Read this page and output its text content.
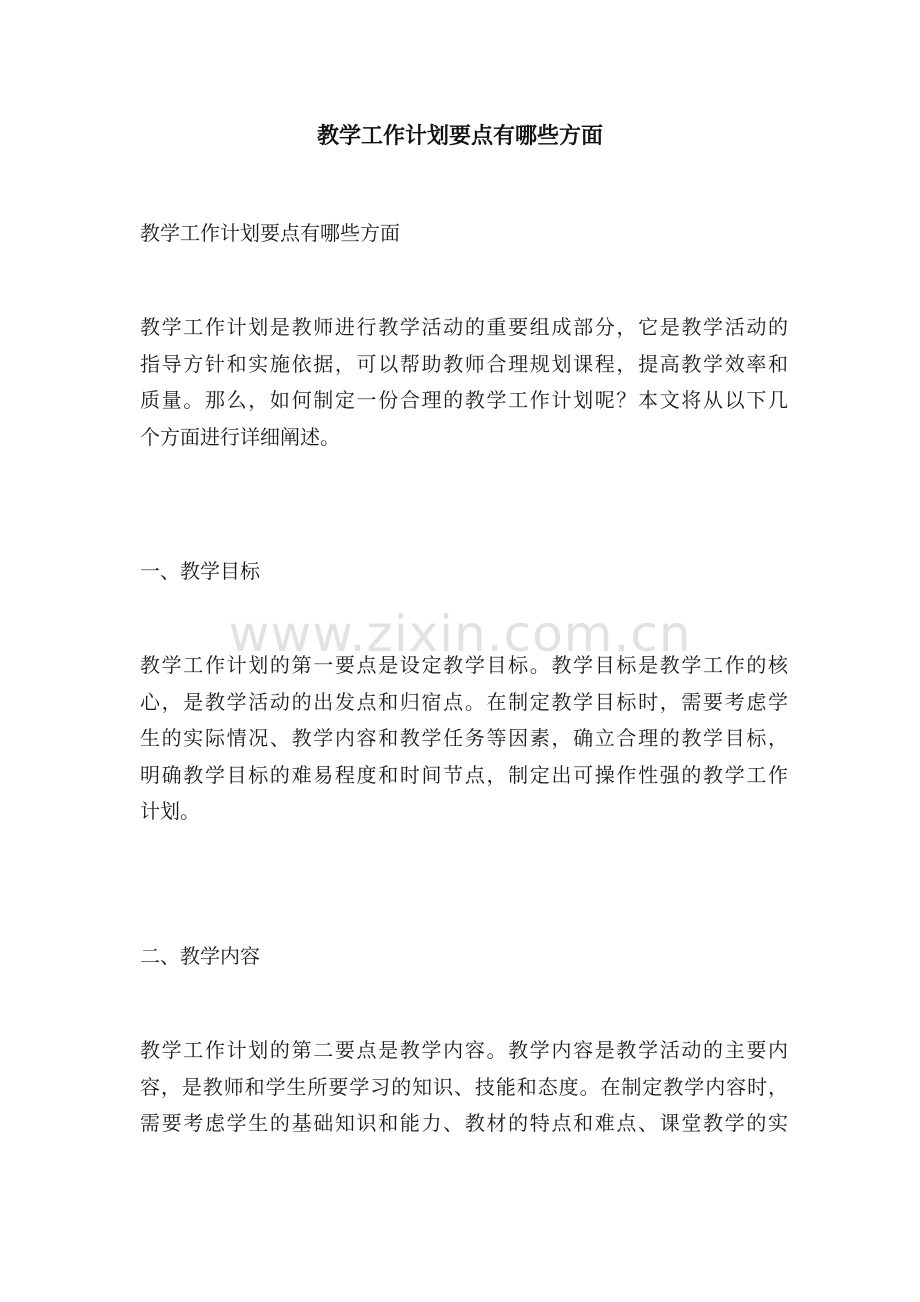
教学工作计划要点有哪些方面
教学工作计划要点有哪些方面
教学工作计划是教师进行教学活动的重要组成部分，它是教学活动的
指导方针和实施依据，可以帮助教师合理规划课程，提高教学效率和
质量。那么，如何制定一份合理的教学工作计划呢？本文将从以下几
个方面进行详细阐述。
一、教学目标
教学工作计划的第一要点是设定教学目标。教学目标是教学工作的核
心，是教学活动的出发点和归宿点。在制定教学目标时，需要考虑学
生的实际情况、教学内容和教学任务等因素，确立合理的教学目标，
明确教学目标的难易程度和时间节点，制定出可操作性强的教学工作
计划。
二、教学内容
教学工作计划的第二要点是教学内容。教学内容是教学活动的主要内
容，是教师和学生所要学习的知识、技能和态度。在制定教学内容时，
需要考虑学生的基础知识和能力、教材的特点和难点、课堂教学的实
www.zixin.com.cn
